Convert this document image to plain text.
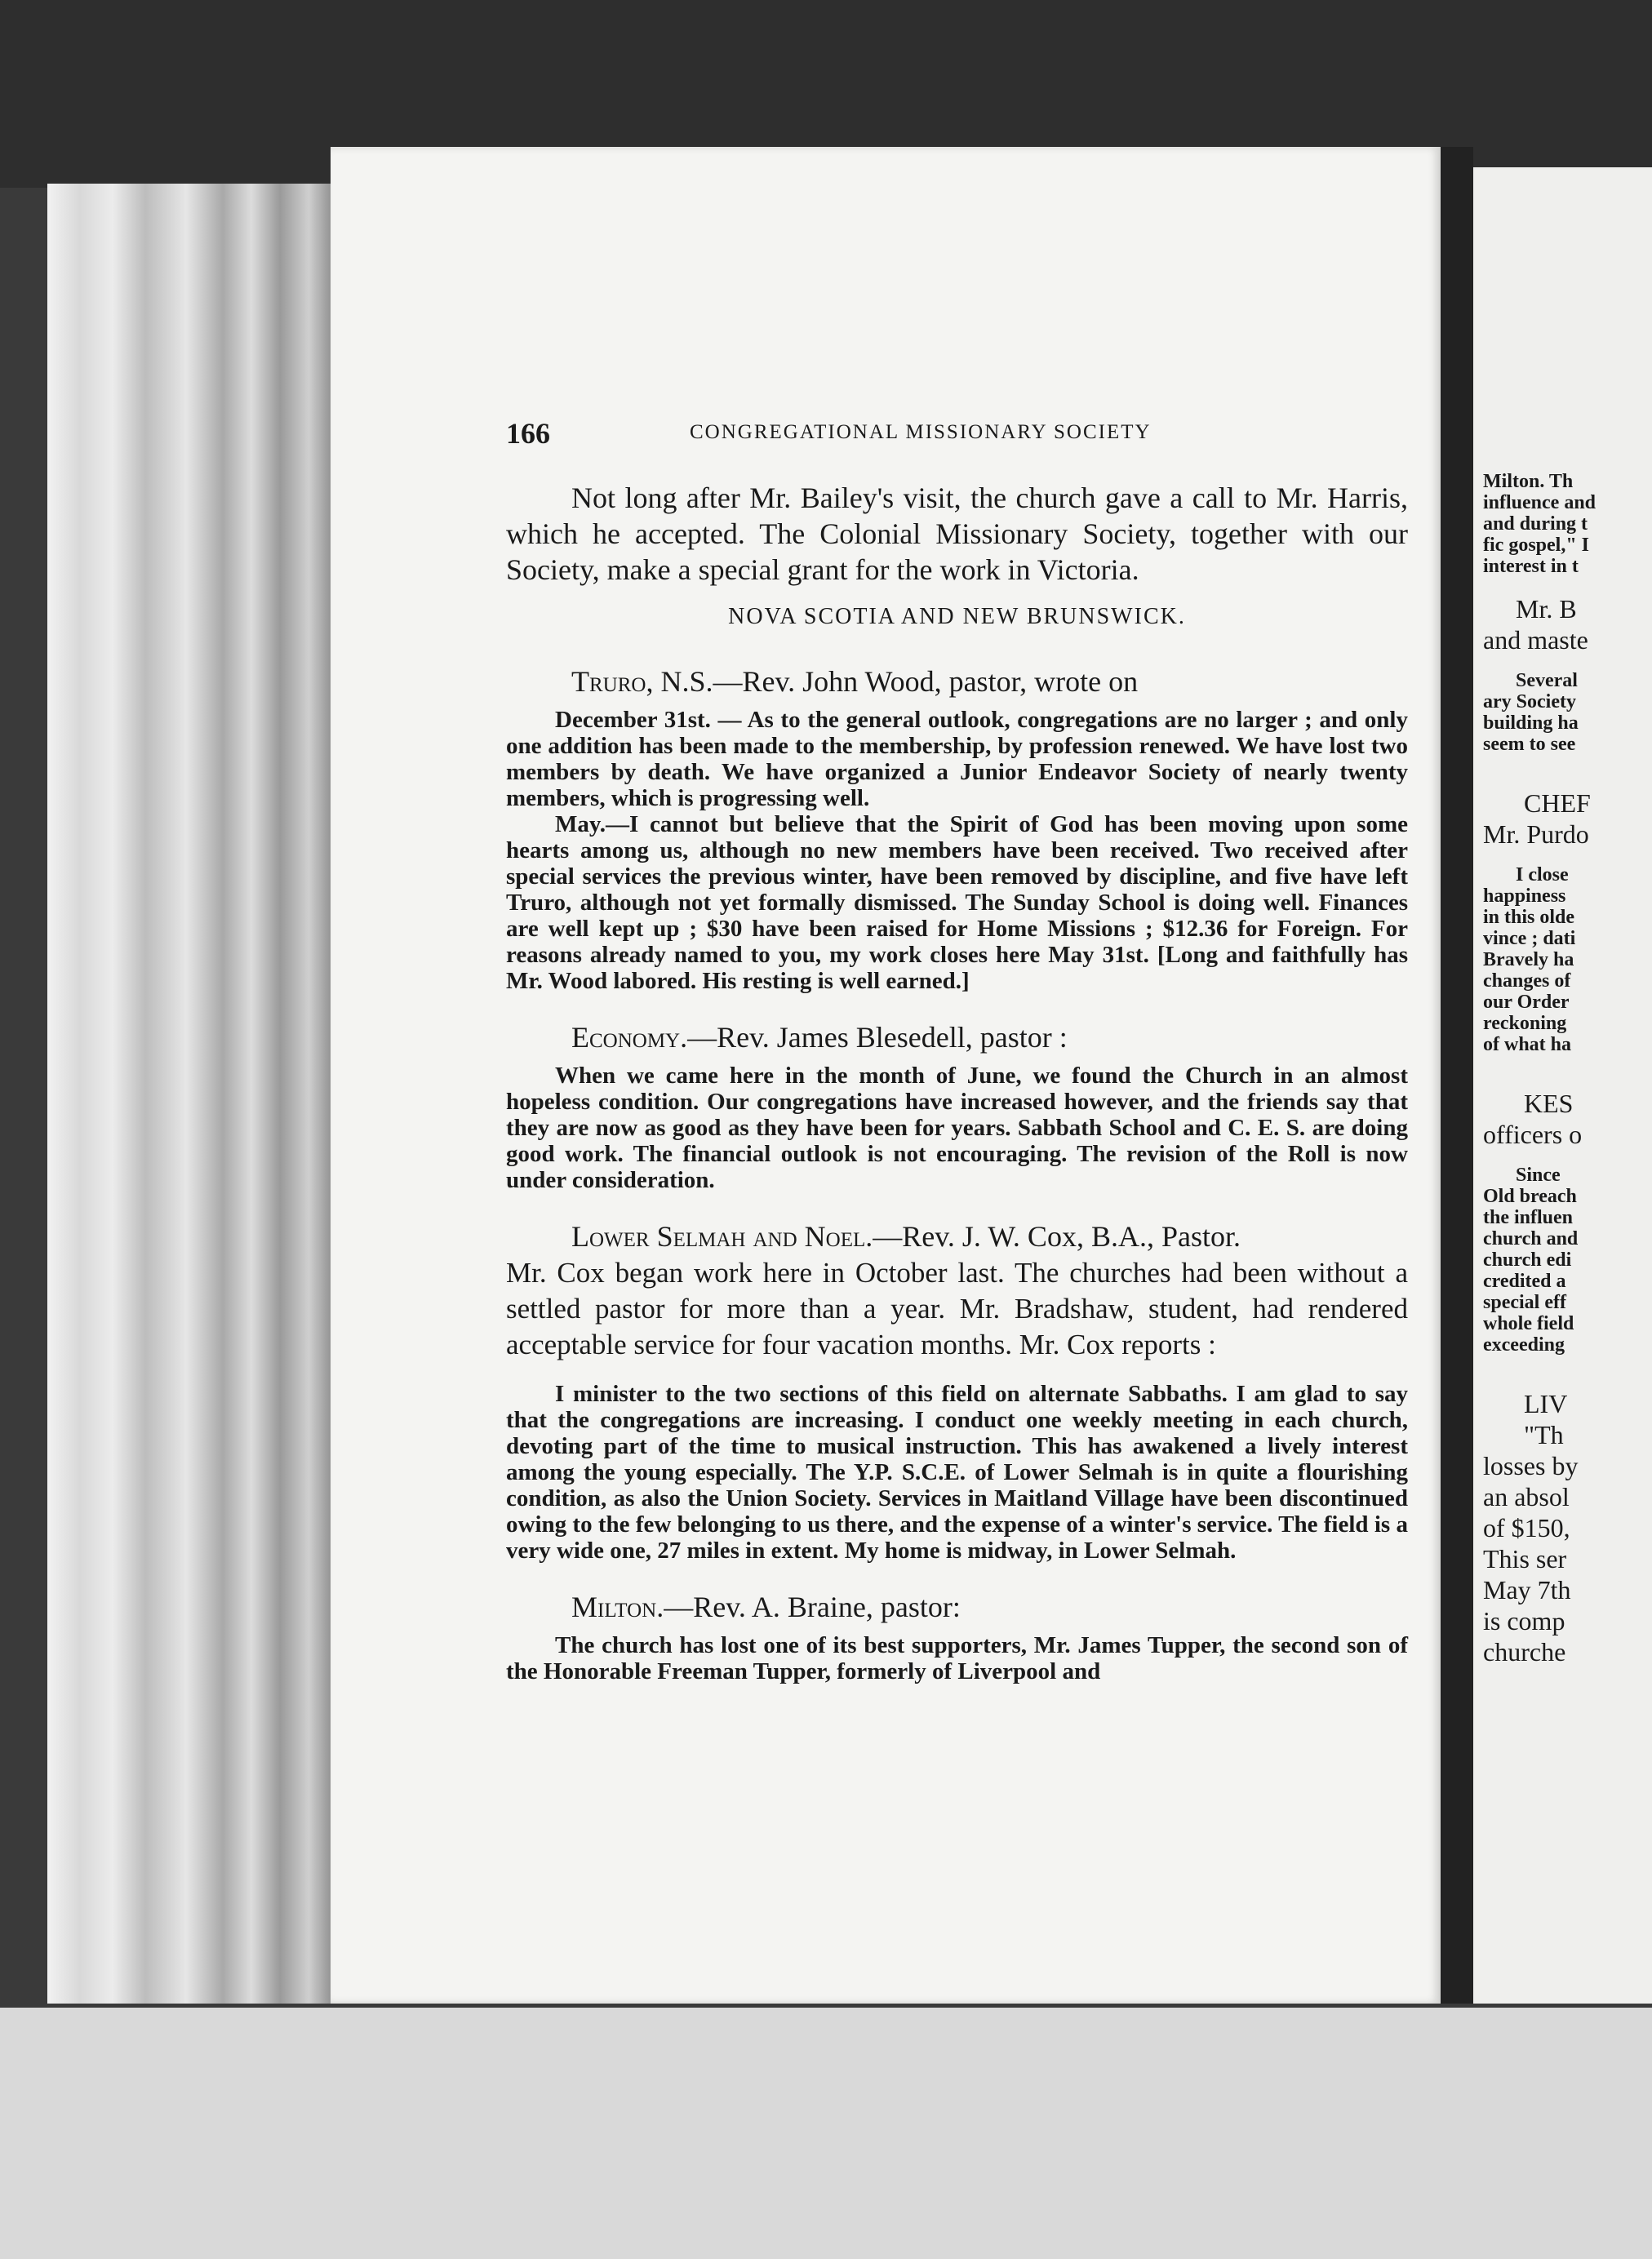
Milton. Th
influence and
and during t
fic gospel," I
interest in t
Mr. B
and maste
Several
ary Society
building ha
seem to see
CHEF
Mr. Purdo
I close
happiness
in this olde
vince ; dati
Bravely ha
changes of
our Order
reckoning
of what ha
KES
officers o
Since
Old breach
the influen
church and
church edi
credited a
special eff
whole field
exceeding
LIV
"Th
losses by
an absol
of $150,
This ser
May 7th
is comp
churche
166	CONGREGATIONAL MISSIONARY SOCIETY

Not long after Mr. Bailey's visit, the church gave a call to Mr. Harris, which he accepted. The Colonial Missionary Society, together with our Society, make a special grant for the work in Victoria.

NOVA SCOTIA AND NEW BRUNSWICK.

Truro, N.S.—Rev. John Wood, pastor, wrote on

December 31st. — As to the general outlook, congregations are no larger ; and only one addition has been made to the membership, by profession renewed. We have lost two members by death. We have organized a Junior Endeavor Society of nearly twenty members, which is progressing well.

May.—I cannot but believe that the Spirit of God has been moving upon some hearts among us, although no new members have been received. Two received after special services the previous winter, have been removed by discipline, and five have left Truro, although not yet formally dismissed. The Sunday School is doing well. Finances are well kept up ; $30 have been raised for Home Missions ; $12.36 for Foreign. For reasons already named to you, my work closes here May 31st. [Long and faithfully has Mr. Wood labored. His resting is well earned.]

Economy.—Rev. James Blesedell, pastor :

When we came here in the month of June, we found the Church in an almost hopeless condition. Our congregations have increased however, and the friends say that they are now as good as they have been for years. Sabbath School and C. E. S. are doing good work. The financial outlook is not encouraging. The revision of the Roll is now under consideration.

Lower Selmah and Noel.—Rev. J. W. Cox, B.A., Pastor.

Mr. Cox began work here in October last. The churches had been without a settled pastor for more than a year. Mr. Bradshaw, student, had rendered acceptable service for four vacation months. Mr. Cox reports :

I minister to the two sections of this field on alternate Sabbaths. I am glad to say that the congregations are increasing. I conduct one weekly meeting in each church, devoting part of the time to musical instruction. This has awakened a lively interest among the young especially. The Y.P. S.C.E. of Lower Selmah is in quite a flourishing condition, as also the Union Society. Services in Maitland Village have been discontinued owing to the few belonging to us there, and the expense of a winter's service. The field is a very wide one, 27 miles in extent. My home is midway, in Lower Selmah.

Milton.—Rev. A. Braine, pastor:

The church has lost one of its best supporters, Mr. James Tupper, the second son of the Honorable Freeman Tupper, formerly of Liverpool and
